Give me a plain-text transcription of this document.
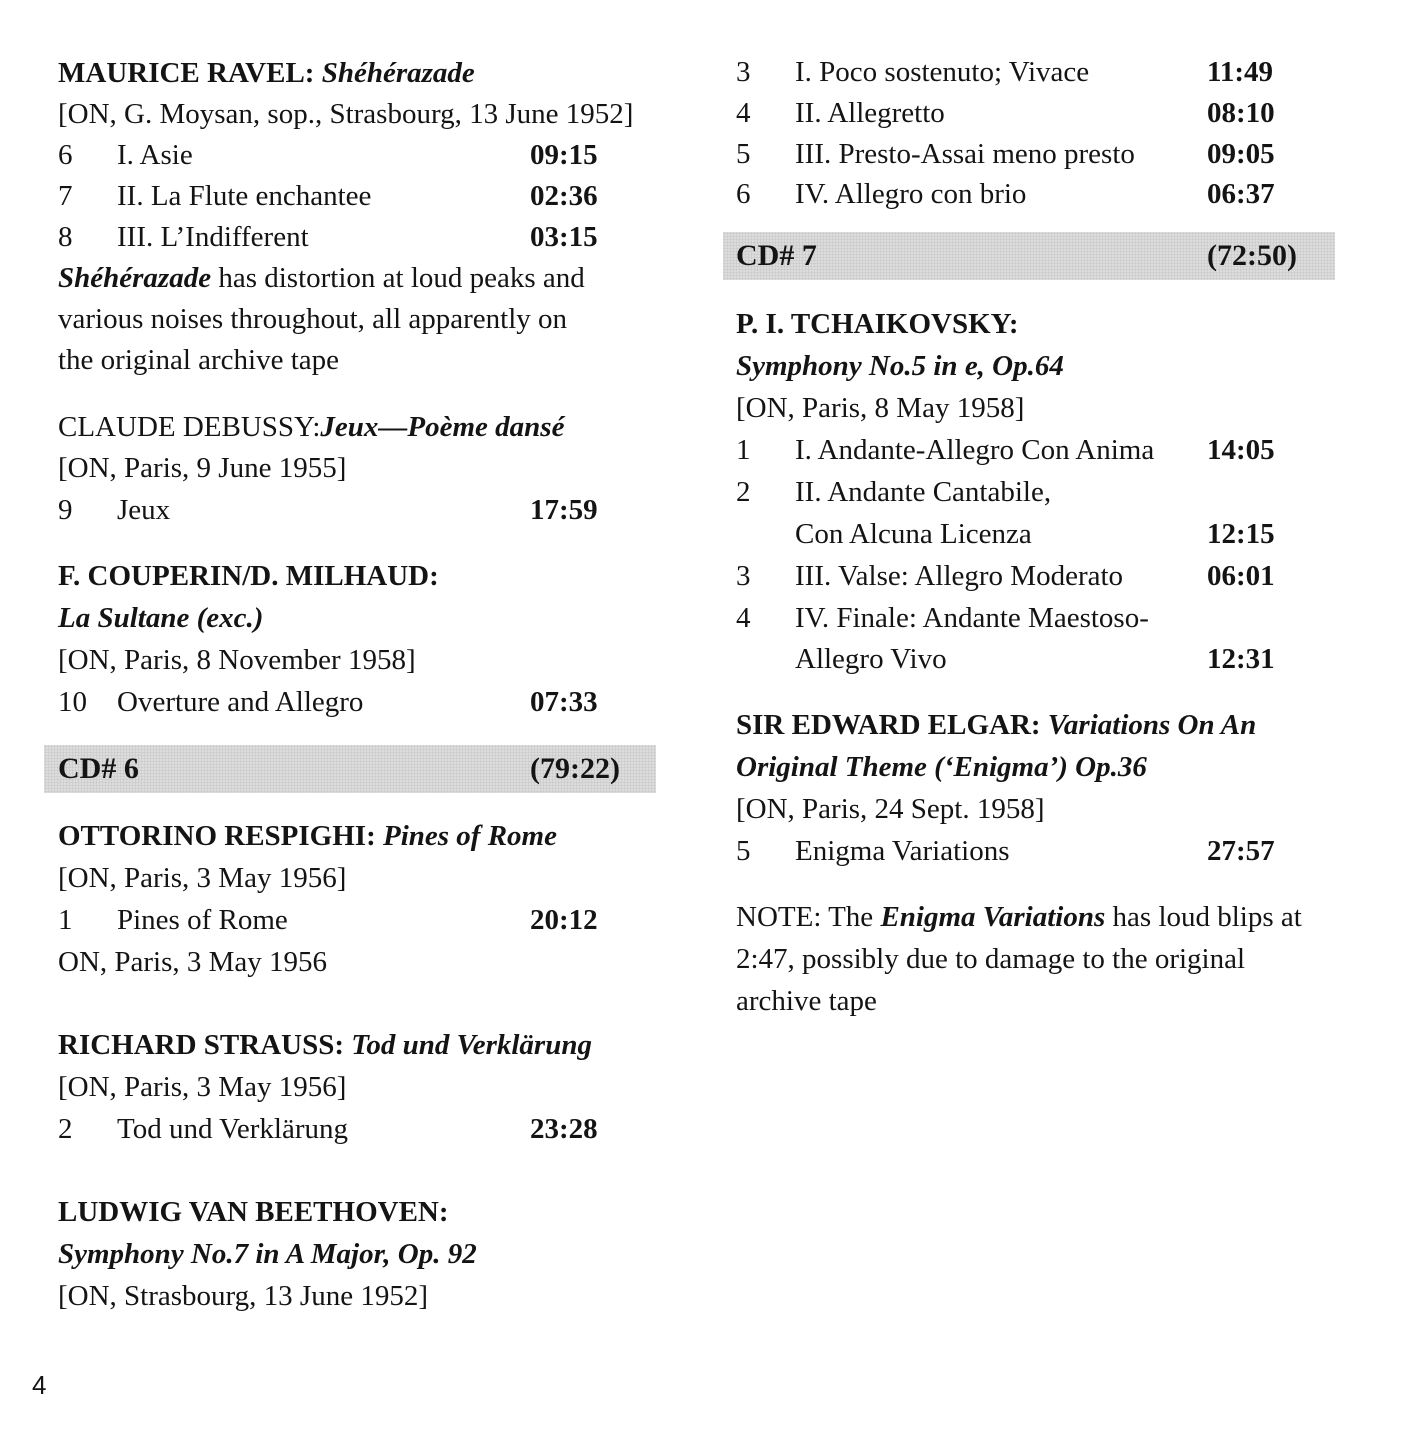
MAURICE RAVEL: Shéhérazade
[ON, G. Moysan, sop., Strasbourg, 13 June 1952]
6 I. Asie	09:15
7 II. La Flute enchantee	02:36
8 III. L’Indifferent	03:15
Shéhérazade has distortion at loud peaks and
various noises throughout, all apparently on
the original archive tape
CLAUDE DEBUSSY:Jeux—Poème dansé
[ON, Paris, 9 June 1955]
9 Jeux	17:59
F. COUPERIN/D. MILHAUD:
La Sultane (exc.)
[ON, Paris, 8 November 1958]
10 Overture and Allegro	07:33
CD# 6	(79:22)
OTTORINO RESPIGHI: Pines of Rome
[ON, Paris, 3 May 1956]
1 Pines of Rome	20:12
ON, Paris, 3 May 1956
RICHARD STRAUSS: Tod und Verklärung
[ON, Paris, 3 May 1956]
2 Tod und Verklärung	23:28
LUDWIG VAN BEETHOVEN:
Symphony No.7 in A Major, Op. 92
[ON, Strasbourg, 13 June 1952]
3 I. Poco sostenuto; Vivace	11:49
4 II. Allegretto	08:10
5 III. Presto-Assai meno presto 09:05
6 IV. Allegro con brio	06:37
CD# 7	(72:50)
P. I. TCHAIKOVSKY:
Symphony No.5 in e, Op.64
[ON, Paris, 8 May 1958]
1 I. Andante-Allegro Con Anima 14:05
2 II. Andante Cantabile,
Con Alcuna Licenza	12:15
3 III. Valse: Allegro Moderato	06:01
4 IV. Finale: Andante Maestoso-
Allegro Vivo	12:31
SIR EDWARD ELGAR: Variations On An
Original Theme (‘Enigma’) Op.36
[ON, Paris, 24 Sept. 1958]
5 Enigma Variations	27:57
NOTE: The Enigma Variations has loud blips at
2:47, possibly due to damage to the original
archive tape
4
